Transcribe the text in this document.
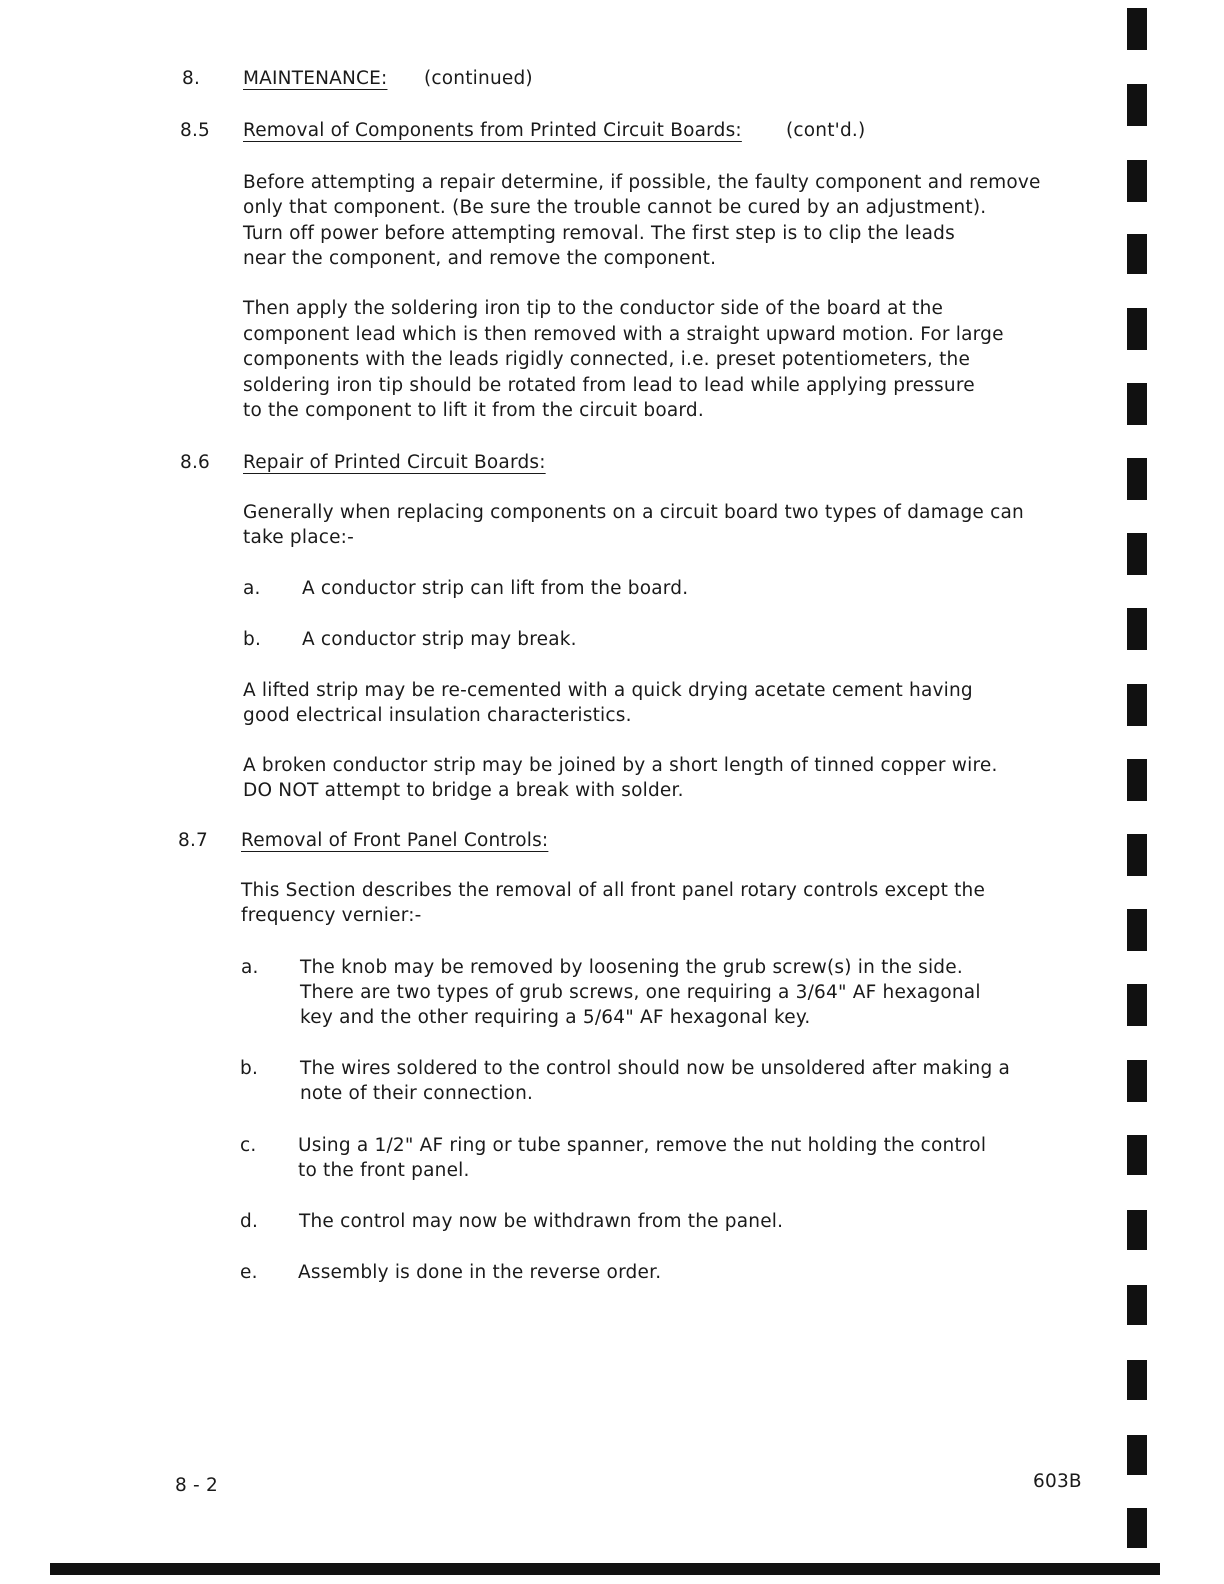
8. MAINTENANCE: (continued)
8.5 Removal of Components from Printed Circuit Boards: (cont'd.)
Before attempting a repair determine, if possible, the faulty component and remove
only that component. (Be sure the trouble cannot be cured by an adjustment).
Turn off power before attempting removal. The first step is to clip the leads
near the component, and remove the component.
Then apply the soldering iron tip to the conductor side of the board at the
component lead which is then removed with a straight upward motion. For large
components with the leads rigidly connected, i.e. preset potentiometers, the
soldering iron tip should be rotated from lead to lead while applying pressure
to the component to lift it from the circuit board.
8.6 Repair of Printed Circuit Boards:
Generally when replacing components on a circuit board two types of damage can
take place:-
a. A conductor strip can lift from the board.
b. A conductor strip may break.
A lifted strip may be re-cemented with a quick drying acetate cement having
good electrical insulation characteristics.
A broken conductor strip may be joined by a short length of tinned copper wire.
DO NOT attempt to bridge a break with solder.
8.7 Removal of Front Panel Controls:
This Section describes the removal of all front panel rotary controls except the
frequency vernier:-
a. The knob may be removed by loosening the grub screw(s) in the side.
There are two types of grub screws, one requiring a 3/64" AF hexagonal
key and the other requiring a 5/64" AF hexagonal key.
b. The wires soldered to the control should now be unsoldered after making a
note of their connection.
c. Using a 1/2" AF ring or tube spanner, remove the nut holding the control
to the front panel.
d. The control may now be withdrawn from the panel.
e. Assembly is done in the reverse order.
8 - 2	603B
